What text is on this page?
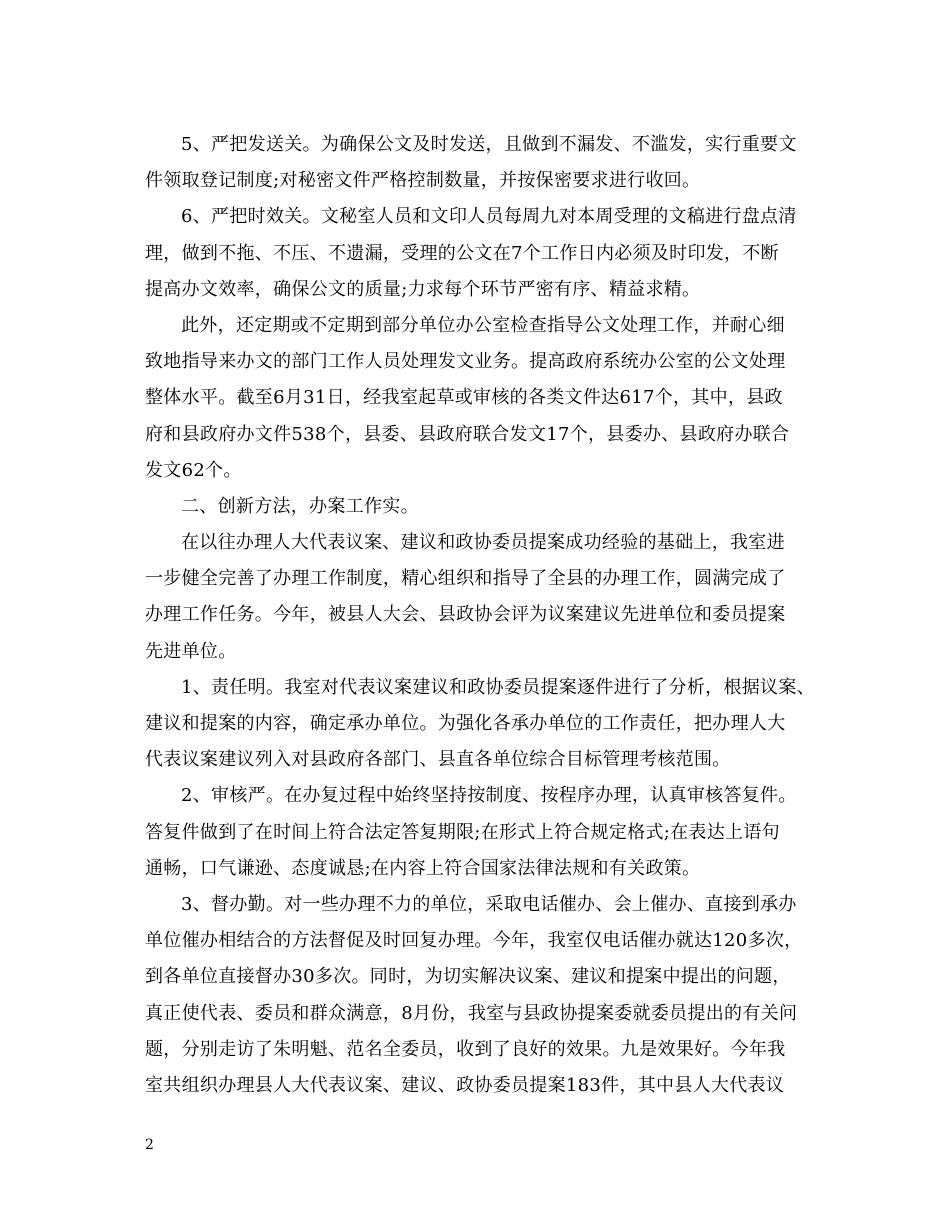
5、严把发送关。为确保公文及时发送，且做到不漏发、不滥发，实行重要文
件领取登记制度;对秘密文件严格控制数量，并按保密要求进行收回。
6、严把时效关。文秘室人员和文印人员每周九对本周受理的文稿进行盘点清
理，做到不拖、不压、不遗漏，受理的公文在7个工作日内必须及时印发，不断
提高办文效率，确保公文的质量;力求每个环节严密有序、精益求精。
此外，还定期或不定期到部分单位办公室检查指导公文处理工作，并耐心细
致地指导来办文的部门工作人员处理发文业务。提高政府系统办公室的公文处理
整体水平。截至6月31日，经我室起草或审核的各类文件达617个，其中，县政
府和县政府办文件538个，县委、县政府联合发文17个，县委办、县政府办联合
发文62个。
二、创新方法，办案工作实。
在以往办理人大代表议案、建议和政协委员提案成功经验的基础上，我室进
一步健全完善了办理工作制度，精心组织和指导了全县的办理工作，圆满完成了
办理工作任务。今年，被县人大会、县政协会评为议案建议先进单位和委员提案
先进单位。
1、责任明。我室对代表议案建议和政协委员提案逐件进行了分析，根据议案、
建议和提案的内容，确定承办单位。为强化各承办单位的工作责任，把办理人大
代表议案建议列入对县政府各部门、县直各单位综合目标管理考核范围。
2、审核严。在办复过程中始终坚持按制度、按程序办理，认真审核答复件。
答复件做到了在时间上符合法定答复期限;在形式上符合规定格式;在表达上语句
通畅，口气谦逊、态度诚恳;在内容上符合国家法律法规和有关政策。
3、督办勤。对一些办理不力的单位，采取电话催办、会上催办、直接到承办
单位催办相结合的方法督促及时回复办理。今年，我室仅电话催办就达120多次，
到各单位直接督办30多次。同时，为切实解决议案、建议和提案中提出的问题，
真正使代表、委员和群众满意，8月份，我室与县政协提案委就委员提出的有关问
题，分别走访了朱明魁、范名全委员，收到了良好的效果。九是效果好。今年我
室共组织办理县人大代表议案、建议、政协委员提案183件，其中县人大代表议
2
